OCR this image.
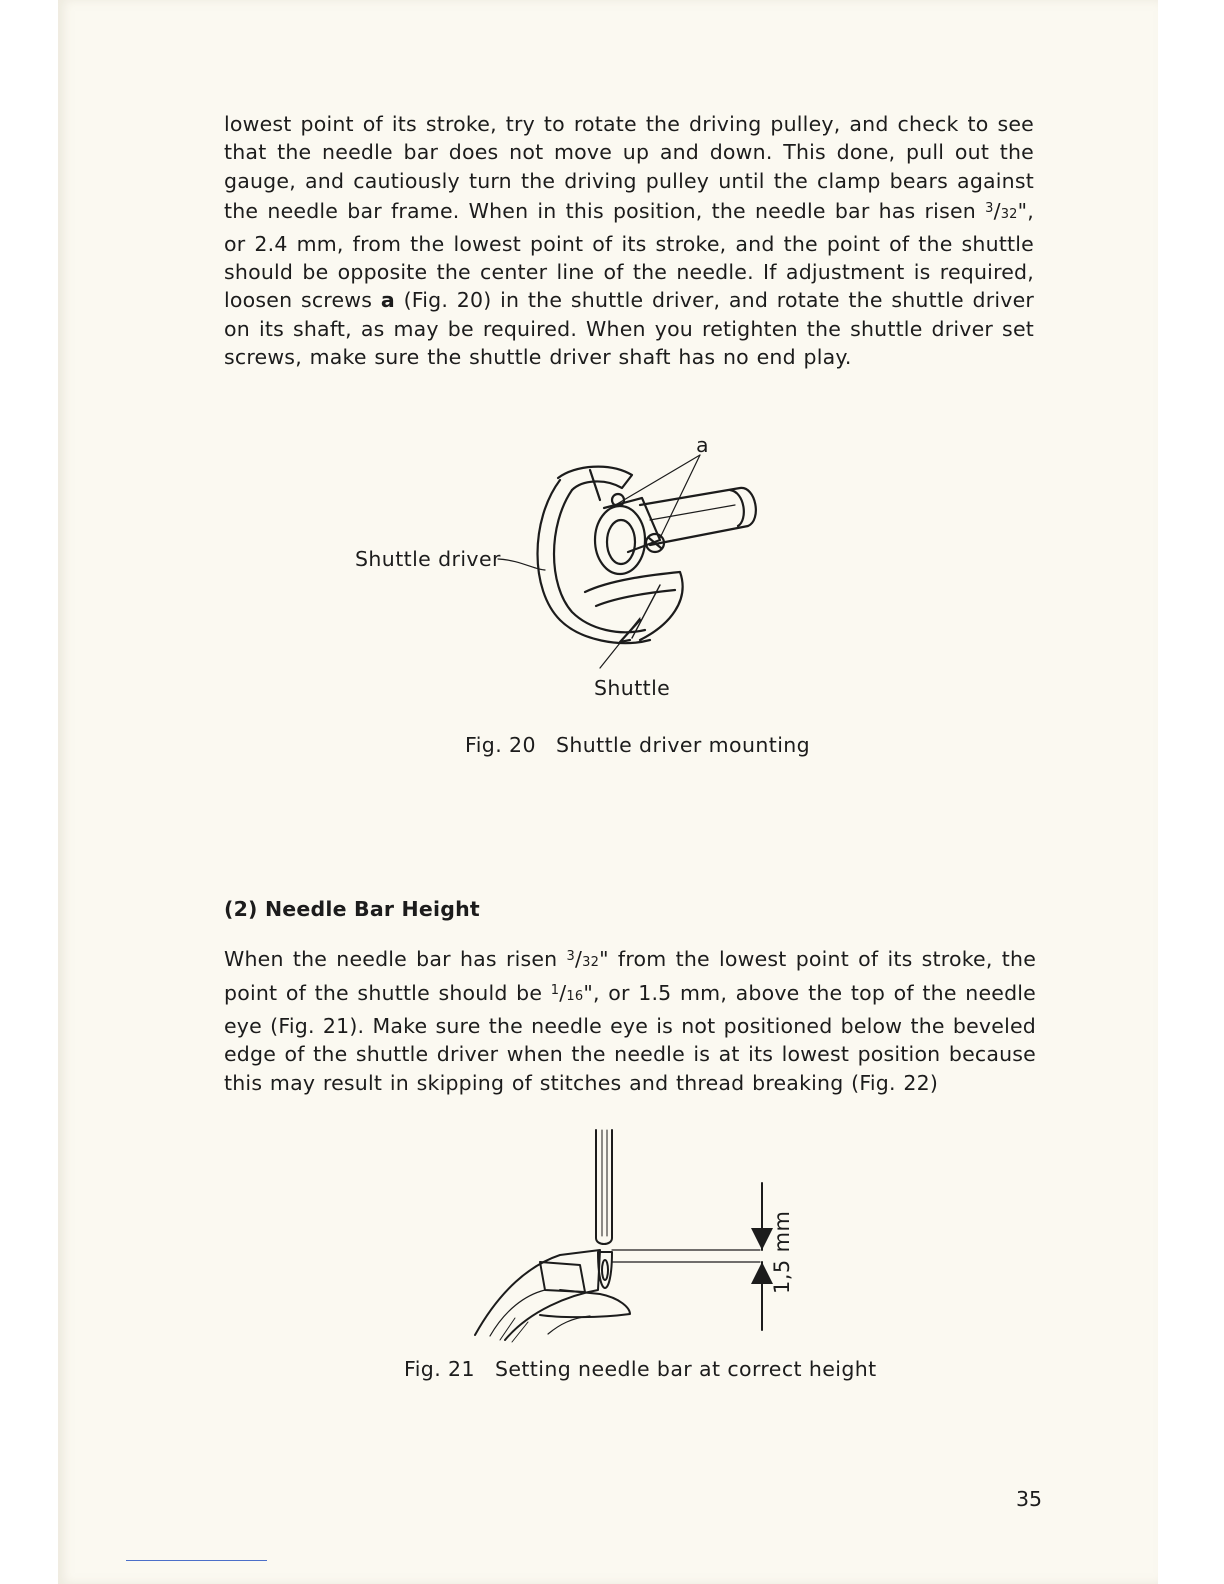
lowest point of its stroke, try to rotate the driving pulley, and check to see that the needle bar does not move up and down. This done, pull out the gauge, and cautiously turn the driving pulley until the clamp bears against the needle bar frame. When in this position, the needle bar has risen $^3$/32", or 2.4 mm, from the lowest point of its stroke, and the point of the shuttle should be opposite the center line of the needle. If adjustment is required, loosen screws a (Fig. 20) in the shuttle driver, and rotate the shuttle driver on its shaft, as may be required. When you retighten the shuttle driver set screws, make sure the shuttle driver shaft has no end play.
a
Shuttle driver
Shuttle
Fig. 20 Shuttle driver mounting
(2) Needle Bar Height
When the needle bar has risen $^3$/32" from the lowest point of its stroke, the point of the shuttle should be $^1$/16", or 1.5 mm, above the top of the needle eye (Fig. 21). Make sure the needle eye is not positioned below the beveled edge of the shuttle driver when the needle is at its lowest position because this may result in skipping of stitches and thread breaking (Fig. 22)
1,5 mm
Fig. 21 Setting needle bar at correct height
35
